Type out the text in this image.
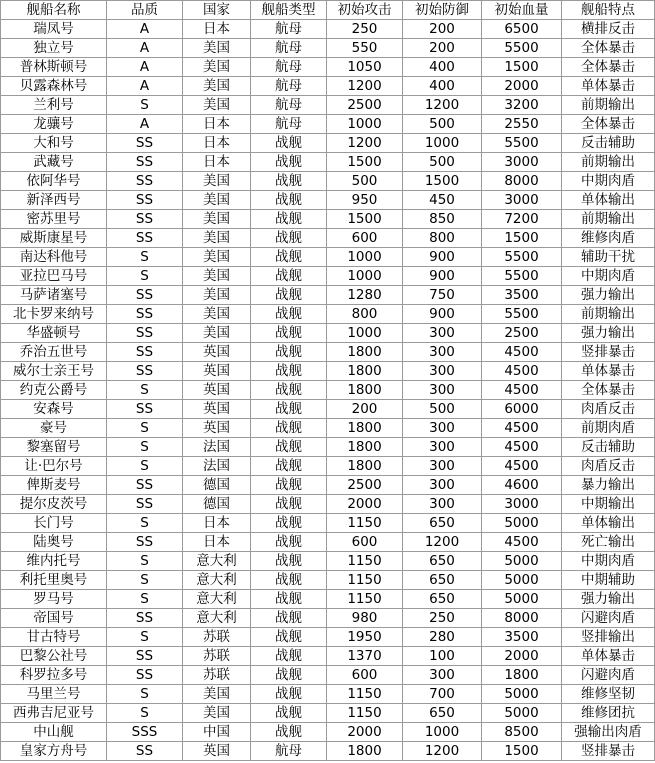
舰船名称	品质	国家	舰船类型	初始攻击	初始防御	初始血量	舰船特点
瑞凤号	A	日本	航母	250	200	6500	横排反击
独立号	A	美国	航母	550	200	5500	全体暴击
普林斯顿号	A	美国	航母	1050	400	1500	全体暴击
贝露森林号	A	美国	航母	1200	400	2000	单体暴击
兰利号	S	美国	航母	2500	1200	3200	前期输出
龙骧号	A	日本	航母	1000	500	2550	全体暴击
大和号	SS	日本	战舰	1200	1000	5500	反击辅助
武藏号	SS	日本	战舰	1500	500	3000	前期输出
依阿华号	SS	美国	战舰	500	1500	8000	中期肉盾
新泽西号	SS	美国	战舰	950	450	3000	单体输出
密苏里号	SS	美国	战舰	1500	850	7200	前期输出
威斯康星号	SS	美国	战舰	600	800	1500	维修肉盾
南达科他号	S	美国	战舰	1000	900	5500	辅助干扰
亚拉巴马号	S	美国	战舰	1000	900	5500	中期肉盾
马萨诸塞号	SS	美国	战舰	1280	750	3500	强力输出
北卡罗来纳号	SS	美国	战舰	800	900	5500	前期输出
华盛顿号	SS	美国	战舰	1000	300	2500	强力输出
乔治五世号	SS	英国	战舰	1800	300	4500	竖排暴击
威尔士亲王号	SS	英国	战舰	1800	300	4500	单体暴击
约克公爵号	S	英国	战舰	1800	300	4500	全体暴击
安森号	SS	英国	战舰	200	500	6000	肉盾反击
豪号	S	英国	战舰	1800	300	4500	前期肉盾
黎塞留号	S	法国	战舰	1800	300	4500	反击辅助
让·巴尔号	S	法国	战舰	1800	300	4500	肉盾反击
俾斯麦号	SS	德国	战舰	2500	300	4600	暴力输出
提尔皮茨号	SS	德国	战舰	2000	300	3000	中期输出
长门号	S	日本	战舰	1150	650	5000	单体输出
陆奥号	SS	日本	战舰	600	1200	4500	死亡输出
维内托号	S	意大利	战舰	1150	650	5000	中期肉盾
利托里奥号	S	意大利	战舰	1150	650	5000	中期辅助
罗马号	S	意大利	战舰	1150	650	5000	强力输出
帝国号	SS	意大利	战舰	980	250	8000	闪避肉盾
甘古特号	S	苏联	战舰	1950	280	3500	竖排输出
巴黎公社号	SS	苏联	战舰	1370	100	2000	单体暴击
科罗拉多号	SS	苏联	战舰	600	300	1800	闪避肉盾
马里兰号	S	美国	战舰	1150	700	5000	维修坚韧
西弗吉尼亚号	S	美国	战舰	1150	650	5000	维修团抗
中山舰	SSS	中国	战舰	2000	1000	8500	强输出肉盾
皇家方舟号	SS	英国	航母	1800	1200	1500	竖排暴击
